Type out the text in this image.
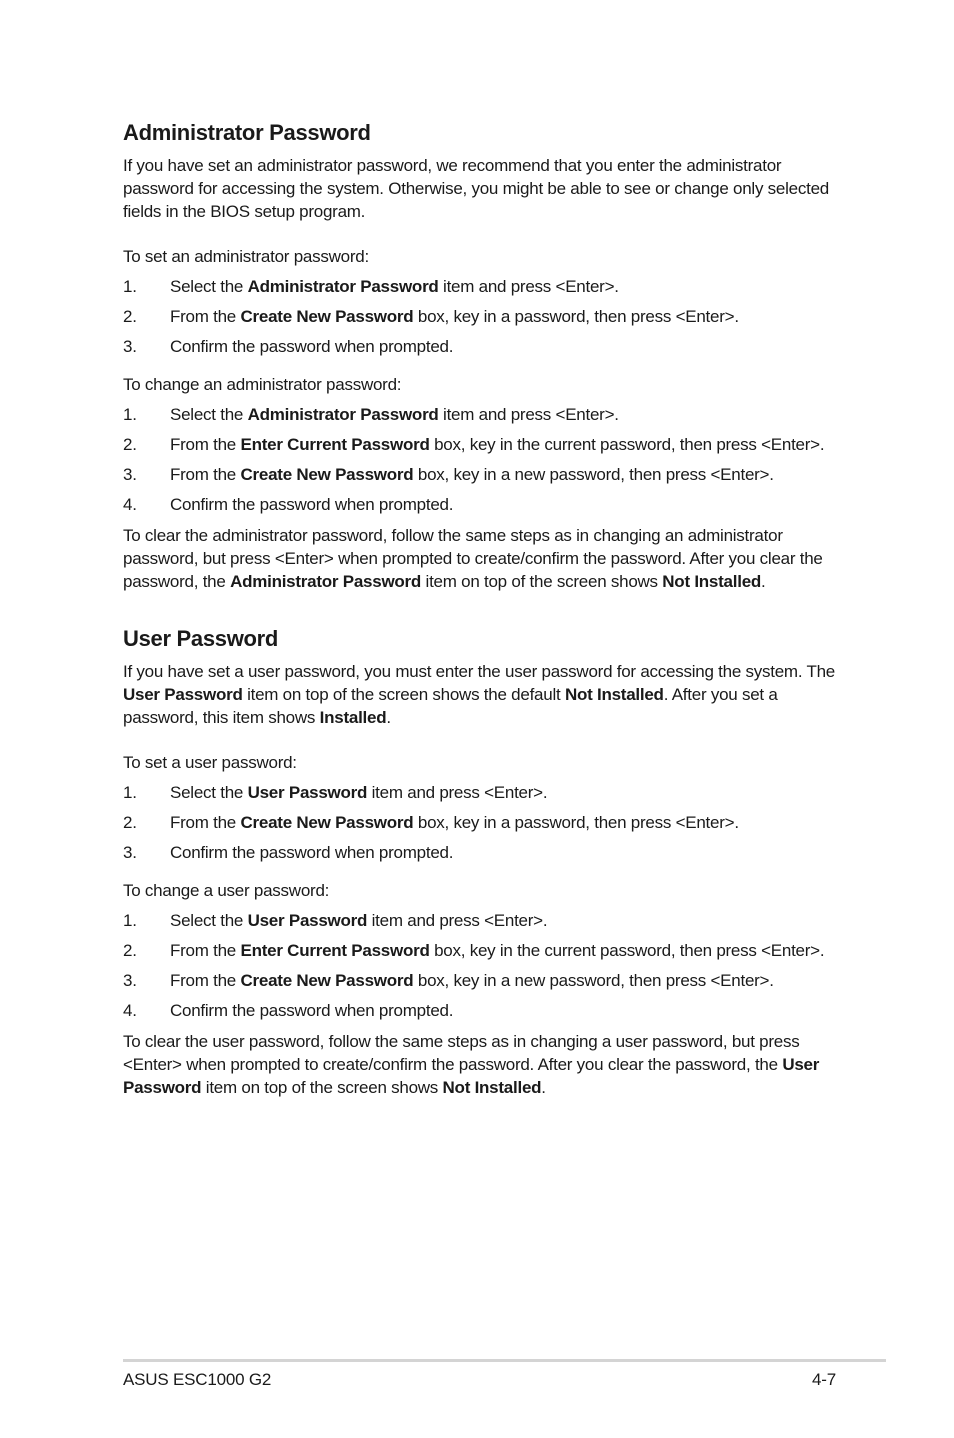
Administrator Password

If you have set an administrator password, we recommend that you enter the administrator password for accessing the system. Otherwise, you might be able to see or change only selected fields in the BIOS setup program.

To set an administrator password:

1.	Select the Administrator Password item and press <Enter>.
2.	From the Create New Password box, key in a password, then press <Enter>.
3.	Confirm the password when prompted.

To change an administrator password:

1.	Select the Administrator Password item and press <Enter>.
2.	From the Enter Current Password box, key in the current password, then press <Enter>.
3.	From the Create New Password box, key in a new password, then press <Enter>.
4.	Confirm the password when prompted.

To clear the administrator password, follow the same steps as in changing an administrator password, but press <Enter> when prompted to create/confirm the password. After you clear the password, the Administrator Password item on top of the screen shows Not Installed.

User Password

If you have set a user password, you must enter the user password for accessing the system. The User Password item on top of the screen shows the default Not Installed. After you set a password, this item shows Installed.

To set a user password:

1.	Select the User Password item and press <Enter>.
2.	From the Create New Password box, key in a password, then press <Enter>.
3.	Confirm the password when prompted.

To change a user password:

1.	Select the User Password item and press <Enter>.
2.	From the Enter Current Password box, key in the current password, then press <Enter>.
3.	From the Create New Password box, key in a new password, then press <Enter>.
4.	Confirm the password when prompted.

To clear the user password, follow the same steps as in changing a user password, but press <Enter> when prompted to create/confirm the password. After you clear the password, the User Password item on top of the screen shows Not Installed.

ASUS ESC1000 G2	4-7
